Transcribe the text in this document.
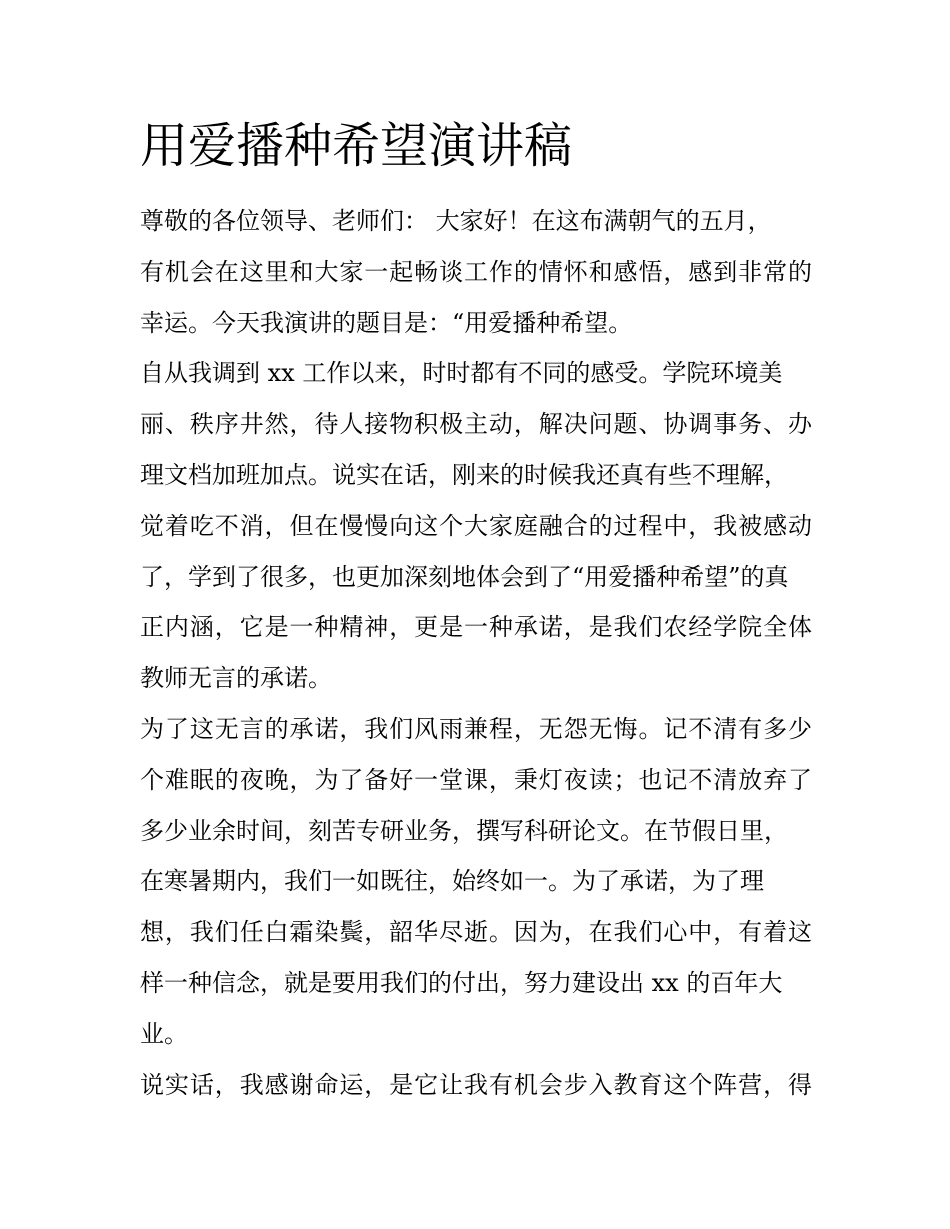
用爱播种希望演讲稿
尊敬的各位领导、老师们： 大家好！在这布满朝气的五月，
有机会在这里和大家一起畅谈工作的情怀和感悟，感到非常的
幸运。今天我演讲的题目是：“用爱播种希望。
自从我调到 xx 工作以来，时时都有不同的感受。学院环境美
丽、秩序井然，待人接物积极主动，解决问题、协调事务、办
理文档加班加点。说实在话，刚来的时候我还真有些不理解，
觉着吃不消，但在慢慢向这个大家庭融合的过程中，我被感动
了，学到了很多，也更加深刻地体会到了“用爱播种希望”的真
正内涵，它是一种精神，更是一种承诺，是我们农经学院全体
教师无言的承诺。
为了这无言的承诺，我们风雨兼程，无怨无悔。记不清有多少
个难眠的夜晚，为了备好一堂课，秉灯夜读；也记不清放弃了
多少业余时间，刻苦专研业务，撰写科研论文。在节假日里，
在寒暑期内，我们一如既往，始终如一。为了承诺，为了理
想，我们任白霜染鬓，韶华尽逝。因为，在我们心中，有着这
样一种信念，就是要用我们的付出，努力建设出 xx 的百年大
业。
说实话，我感谢命运，是它让我有机会步入教育这个阵营，得
